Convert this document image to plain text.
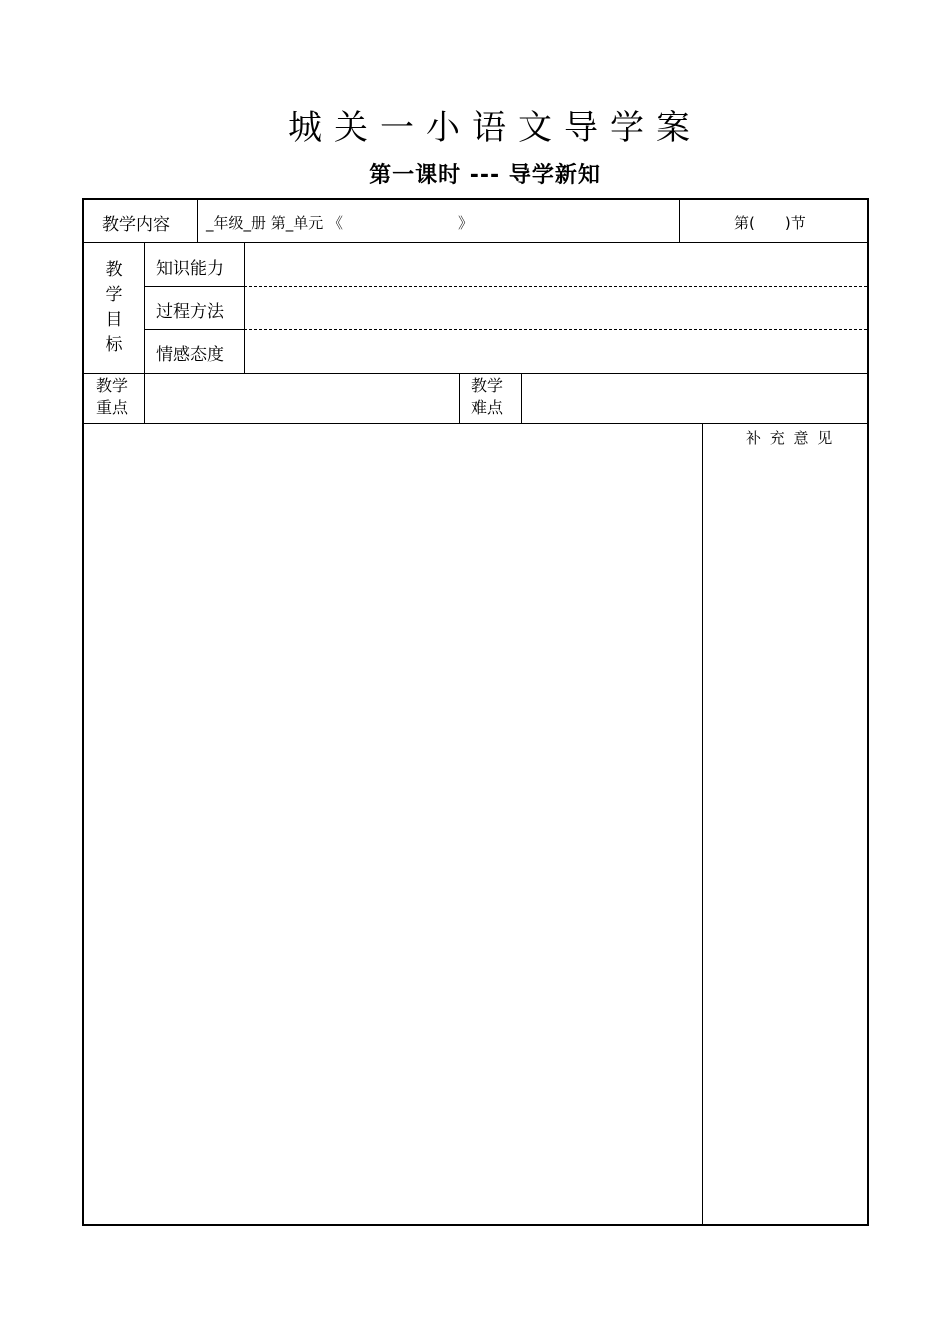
城关一小语文导学案
第一课时 --- 导学新知
教学内容 _年级_册 第_单元 《	》	第(　　)节
教
学
目
标
知识能力
过程方法
情感态度
教学
重点
教学
难点
补 充 意 见
